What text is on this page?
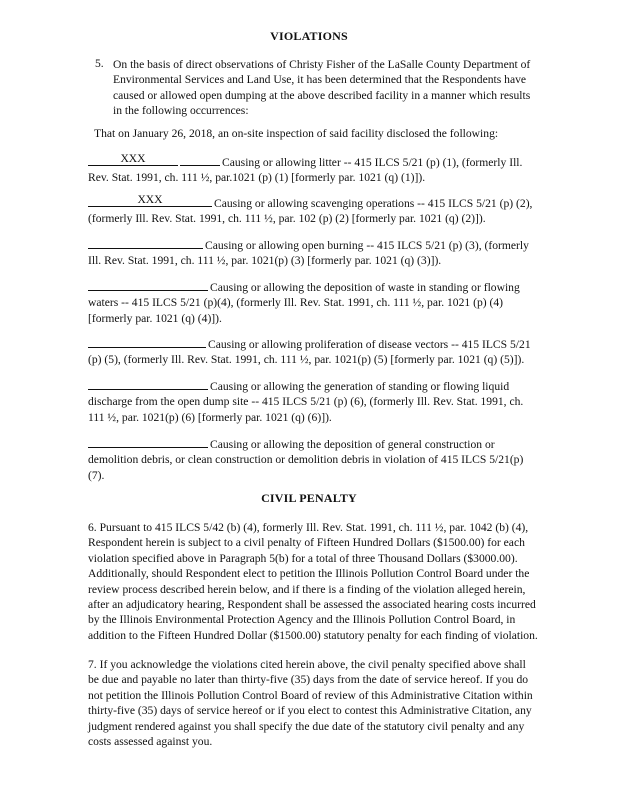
VIOLATIONS
5. On the basis of direct observations of Christy Fisher of the LaSalle County Department of Environmental Services and Land Use, it has been determined that the Respondents have caused or allowed open dumping at the above described facility in a manner which results in the following occurrences:
That on January 26, 2018, an on-site inspection of said facility disclosed the following:
XXX	Causing or allowing litter -- 415 ILCS 5/21 (p) (1), (formerly Ill. Rev. Stat. 1991, ch. 111 ½, par.1021 (p) (1) [formerly par. 1021 (q) (1)]).
XXX	Causing or allowing scavenging operations -- 415 ILCS 5/21 (p) (2), (formerly Ill. Rev. Stat. 1991, ch. 111 ½, par. 102 (p) (2) [formerly par. 1021 (q) (2)]).
Causing or allowing open burning -- 415 ILCS 5/21 (p) (3), (formerly Ill. Rev. Stat. 1991, ch. 111 ½, par. 1021(p) (3) [formerly par. 1021 (q) (3)]).
Causing or allowing the deposition of waste in standing or flowing waters -- 415 ILCS 5/21 (p)(4), (formerly Ill. Rev. Stat. 1991, ch. 111 ½, par. 1021 (p) (4) [formerly par. 1021 (q) (4)]).
Causing or allowing proliferation of disease vectors -- 415 ILCS 5/21 (p) (5), (formerly Ill. Rev. Stat. 1991, ch. 111 ½, par. 1021(p) (5) [formerly par. 1021 (q) (5)]).
Causing or allowing the generation of standing or flowing liquid discharge from the open dump site -- 415 ILCS 5/21 (p) (6), (formerly Ill. Rev. Stat. 1991, ch. 111 ½, par. 1021(p) (6) [formerly par. 1021 (q) (6)]).
Causing or allowing the deposition of general construction or demolition debris, or clean construction or demolition debris in violation of 415 ILCS 5/21(p)(7).
CIVIL PENALTY
6. Pursuant to 415 ILCS 5/42 (b) (4), formerly Ill. Rev. Stat. 1991, ch. 111 ½, par. 1042 (b) (4), Respondent herein is subject to a civil penalty of Fifteen Hundred Dollars ($1500.00) for each violation specified above in Paragraph 5(b) for a total of three Thousand Dollars ($3000.00). Additionally, should Respondent elect to petition the Illinois Pollution Control Board under the review process described herein below, and if there is a finding of the violation alleged herein, after an adjudicatory hearing, Respondent shall be assessed the associated hearing costs incurred by the Illinois Environmental Protection Agency and the Illinois Pollution Control Board, in addition to the Fifteen Hundred Dollar ($1500.00) statutory penalty for each finding of violation.
7. If you acknowledge the violations cited herein above, the civil penalty specified above shall be due and payable no later than thirty-five (35) days from the date of service hereof. If you do not petition the Illinois Pollution Control Board of review of this Administrative Citation within thirty-five (35) days of service hereof or if you elect to contest this Administrative Citation, any judgment rendered against you shall specify the due date of the statutory civil penalty and any costs assessed against you.
